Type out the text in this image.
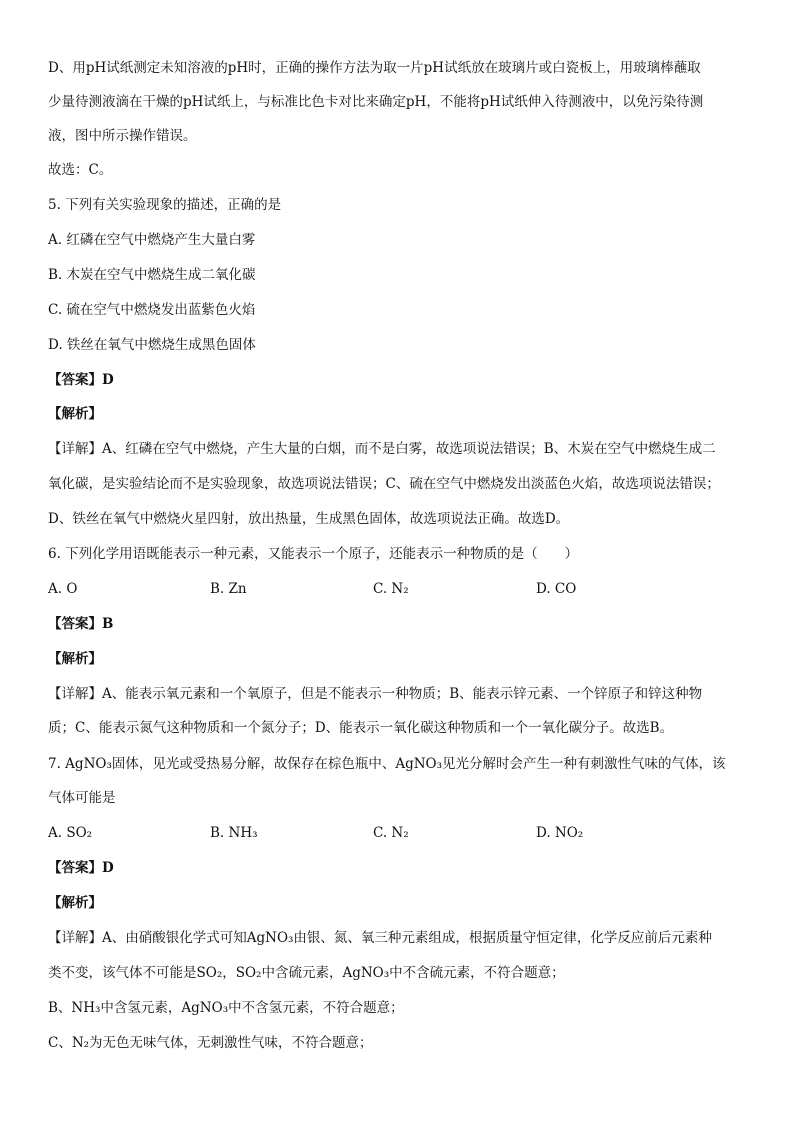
D、用pH试纸测定未知溶液的pH时，正确的操作方法为取一片pH试纸放在玻璃片或白瓷板上，用玻璃棒蘸取
少量待测液滴在干燥的pH试纸上，与标准比色卡对比来确定pH，不能将pH试纸伸入待测液中，以免污染待测
液，图中所示操作错误。
故选：C。
5. 下列有关实验现象的描述，正确的是
A. 红磷在空气中燃烧产生大量白雾
B. 木炭在空气中燃烧生成二氧化碳
C. 硫在空气中燃烧发出蓝紫色火焰
D. 铁丝在氧气中燃烧生成黑色固体
【答案】D
【解析】
【详解】A、红磷在空气中燃烧，产生大量的白烟，而不是白雾，故选项说法错误；B、木炭在空气中燃烧生成二
氧化碳，是实验结论而不是实验现象，故选项说法错误；C、硫在空气中燃烧发出淡蓝色火焰，故选项说法错误；
D、铁丝在氧气中燃烧火星四射，放出热量，生成黑色固体，故选项说法正确。故选D。
6. 下列化学用语既能表示一种元素，又能表示一个原子，还能表示一种物质的是（　　）
A. O	B. Zn	C. N₂	D. CO
【答案】B
【解析】
【详解】A、能表示氧元素和一个氧原子，但是不能表示一种物质；B、能表示锌元素、一个锌原子和锌这种物
质；C、能表示氮气这种物质和一个氮分子；D、能表示一氧化碳这种物质和一个一氧化碳分子。故选B。
7. AgNO₃固体，见光或受热易分解，故保存在棕色瓶中、AgNO₃见光分解时会产生一种有刺激性气味的气体，该
气体可能是
A. SO₂	B. NH₃	C. N₂	D. NO₂
【答案】D
【解析】
【详解】A、由硝酸银化学式可知AgNO₃由银、氮、氧三种元素组成，根据质量守恒定律，化学反应前后元素种
类不变，该气体不可能是SO₂，SO₂中含硫元素，AgNO₃中不含硫元素，不符合题意；
B、NH₃中含氢元素，AgNO₃中不含氢元素，不符合题意；
C、N₂为无色无味气体，无刺激性气味，不符合题意；
